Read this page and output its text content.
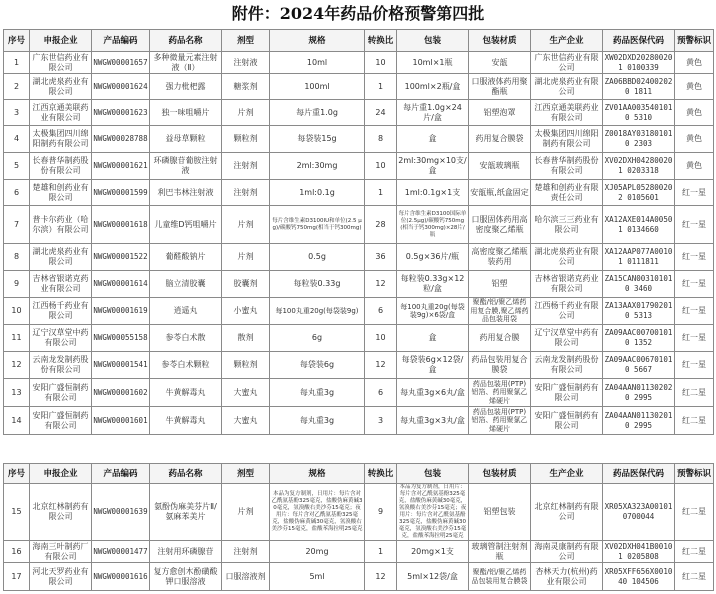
附件：2024年药品价格预警第四批
序号	申报企业	产品编码	药品名称	剂型	规格	转换比	包装	包装材质	生产企业	药品医保代码	预警标识
1	广东世信药业有限公司	NWGW00001657	多种微量元素注射液（Ⅱ）	注射液	10ml	10	10ml×1瓶	安瓿	广东世信药业有限公司	XW02DXD202800201 0100339	黄色
2	湖北虎泉药业有限公司	NWGW00001624	强力枇杷露	糖浆剂	100ml	1	100ml×2瓶/盒	口服液体药用聚酯瓶	湖北虎泉药业有限公司	ZA06BBD024002020 1811	黄色
3	江西京通美联药业有限公司	NWGW00001623	独一味咀嚼片	片剂	每片重1.0g	24	每片重1.0g×24片/盒	铝塑泡罩	江西京通美联药业有限公司	ZV01AA0035401010 5310	黄色
4	太极集团四川绵阳制药有限公司	NWGW00028788	益母草颗粒	颗粒剂	每袋装15g	8	盒	药用复合膜袋	太极集团四川绵阳制药有限公司	Z0018AY031801010 2303	黄色
5	长春普华制药股份有限公司	NWGW00001621	环磷腺苷葡胺注射液	注射剂	2ml:30mg	10	2ml:30mg×10支/盒	安瓿玻璃瓶	长春普华制药股份有限公司	XV02DXH042800201 0203318	黄色
6	楚雄和创药业有限公司	NWGW00001599	利巴韦林注射液	注射剂	1ml:0.1g	1	1ml:0.1g×1支	安瓿瓶,纸盒固定	楚雄和创药业有限责任公司	XJ05APL052800202 0105601	红一星
7	普卡尔药业（哈尔滨）有限公司	NWGW00001618	儿童维D钙咀嚼片	片剂	每片含维生素D3100IU和单位(2.5 μg)/碳酸钙750mg(相当于钙300mg)	28	每片含维生素D3100国际单位(2.5μg)/碳酸钙750mg(相当于钙300mg)×28片/瓶	口服固体药用高密度聚乙烯瓶	哈尔滨三三药业有限公司	XA12AXE014A00501 0134660	红一星
8	湖北虎泉药业有限公司	NWGW00001522	葡醛酸钠片	片剂	0.5g	36	0.5g×36片/瓶	高密度聚乙烯瓶装药用	湖北虎泉药业有限公司	XA12AAP077A00101 0111811	红一星
9	吉林省银诺克药业有限公司	NWGW00001614	脑立清胶囊	胶囊剂	每粒装0.33g	12	每粒装0.33g×12粒/盒	铝塑	吉林省银诺克药业有限公司	ZA15CAN003101010 3460	红一星
10	江西杨千药业有限公司	NWGW00001619	逍遥丸	小蜜丸	每100丸重20g(每袋装9g)	6	每100丸重20g(每袋装9g)×6袋/盒	聚酯/铝/聚乙烯药用复合膜,聚乙烯药品包装用袋	江西杨千药业有限公司	ZA13AAX017902010 5313	红一星
11	辽宁汉草堂中药有限公司	NWGW00055158	参苓白术散	散剂	6g	10	盒	药用复合膜	辽宁汉草堂中药有限公司	ZA09AAC007001010 1352	红一星
12	云南龙发制药股份有限公司	NWGW00001541	参苓白术颗粒	颗粒剂	每袋装6g	12	每袋装6g×12袋/盒	药品包装用复合膜袋	云南龙发制药股份有限公司	ZA09AAC006701010 5667	红一星
13	安阳广盛恒制药有限公司	NWGW00001602	牛黄解毒丸	大蜜丸	每丸重3g	6	每丸重3g×6丸/盒	药品包装用(PTP)铝箔、药用聚氯乙烯硬片	安阳广盛恒制药有限公司	ZA04AAN011302020 2995	红二星
14	安阳广盛恒制药有限公司	NWGW00001601	牛黄解毒丸	大蜜丸	每丸重3g	3	每丸重3g×3丸/盒	药品包装用(PTP)铝箔、药用聚氯乙烯硬片	安阳广盛恒制药有限公司	ZA04AAN011302010 2995	红二星
序号	申报企业	产品编码	药品名称	剂型	规格	转换比	包装	包装材质	生产企业	药品医保代码	预警标识
15	北京红林制药有限公司	NWGW00001639	氨酚伪麻美芬片Ⅱ/氨麻苯美片	片剂	本品为复方制剂，日用片：每片含对乙酰氨基酚325毫克，盐酸伪麻黄碱30毫克，氢溴酸右美沙芬15毫克；夜用片：每片含对乙酰氨基酚325毫克，盐酸伪麻黄碱30毫克，氢溴酸右美沙芬15毫克，盐酸苯海拉明25毫克	9	本品为复方制剂，日用片：每片含对乙酰氨基酚325毫克，盐酸伪麻黄碱30毫克，氢溴酸右美沙芬15毫克；夜用片：每片含对乙酰氨基酚325毫克，盐酸伪麻黄碱30毫克，氢溴酸右美沙芬15毫克，盐酸苯海拉明25毫克	铝塑包装	北京红林制药有限公司	XR05XA323A00101 0700044	红二星
16	海南三叶制药厂有限公司	NWGW00001477	注射用环磷腺苷	注射剂	20mg	1	20mg×1支	玻璃管制注射剂瓶	海南灵康制药有限公司	XV02DXH041B00101 0205808	红二星
17	河北天罗药业有限公司	NWGW00001616	复方愈创木酚磺酸钾口服溶液	口服溶液剂	5ml	12	5ml×12袋/盒	聚酯/铝/聚乙烯药品包装用复合膜袋	杏林天力(杭州)药业有限公司	XR05XFF656X001040 104506	红二星
